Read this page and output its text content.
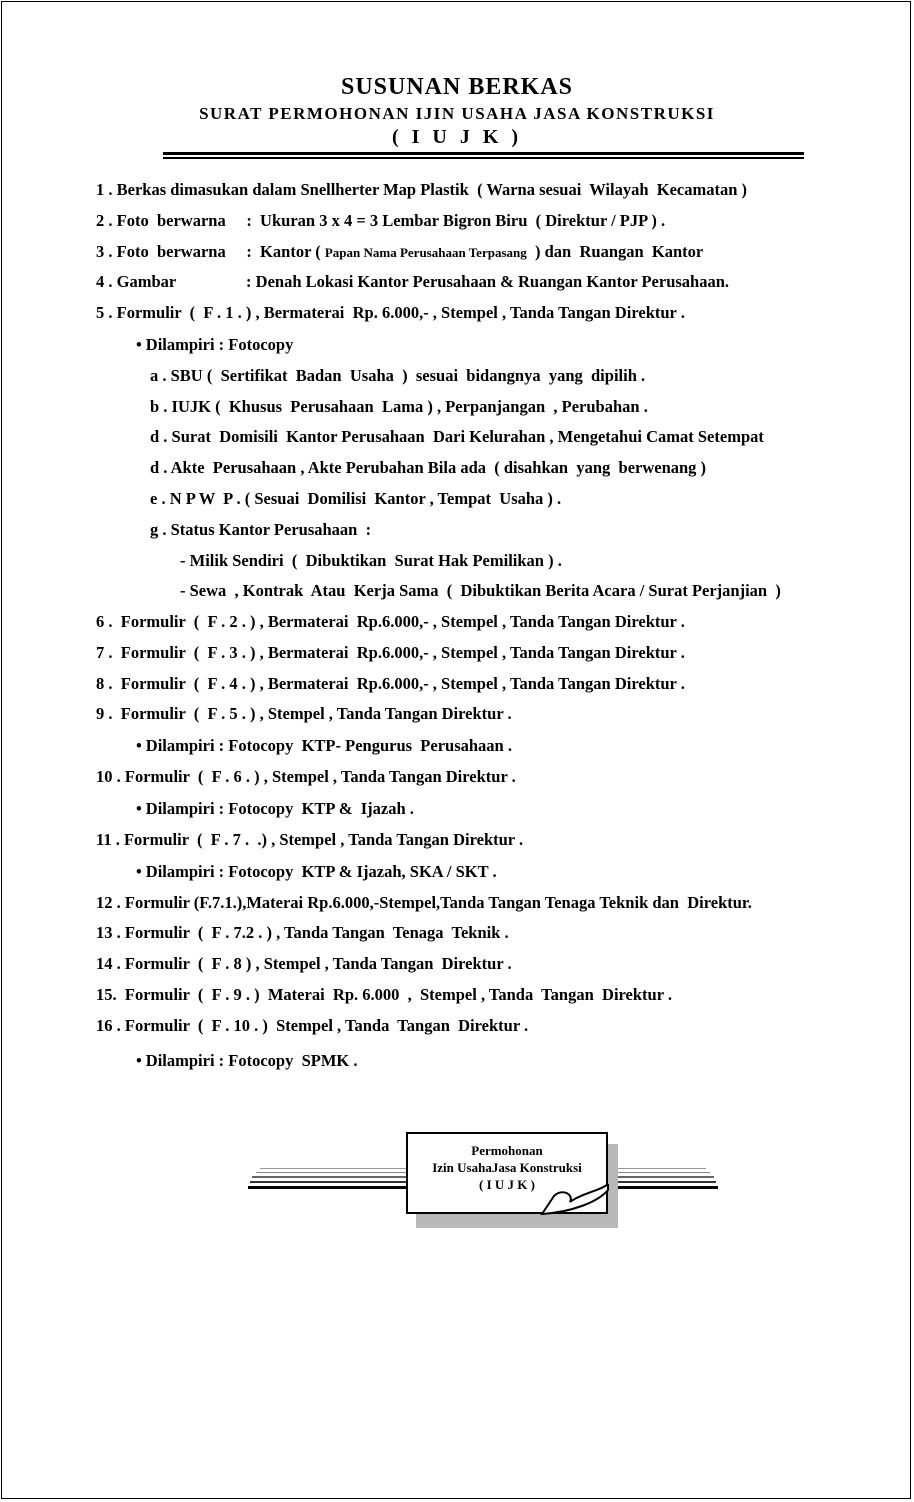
SUSUNAN BERKAS
SURAT PERMOHONAN IJIN USAHA JASA KONSTRUKSI
( I U J K )
1 . Berkas dimasukan dalam Snellherter Map Plastik  ( Warna sesuai  Wilayah  Kecamatan )
2 . Foto  berwarna     :  Ukuran 3 x 4 = 3 Lembar Bigron Biru  ( Direktur / PJP ) .
3 . Foto  berwarna     :  Kantor ( Papan Nama Perusahaan Terpasang  ) dan  Ruangan  Kantor
4 . Gambar                 : Denah Lokasi Kantor Perusahaan & Ruangan Kantor Perusahaan.
5 . Formulir  (  F . 1 . ) , Bermaterai  Rp. 6.000,- , Stempel , Tanda Tangan Direktur .
• Dilampiri : Fotocopy
a . SBU (  Sertifikat  Badan  Usaha  )  sesuai  bidangnya  yang  dipilih .
b . IUJK (  Khusus  Perusahaan  Lama ) , Perpanjangan  , Perubahan .
d . Surat  Domisili  Kantor Perusahaan  Dari Kelurahan , Mengetahui Camat Setempat
d . Akte  Perusahaan , Akte Perubahan Bila ada  ( disahkan  yang  berwenang )
e . N P W  P . ( Sesuai  Domilisi  Kantor , Tempat  Usaha ) .
g . Status Kantor Perusahaan  :
- Milik Sendiri  (  Dibuktikan  Surat Hak Pemilikan ) .
- Sewa  , Kontrak  Atau  Kerja Sama  (  Dibuktikan Berita Acara / Surat Perjanjian  )
6 .  Formulir  (  F . 2 . ) , Bermaterai  Rp.6.000,- , Stempel , Tanda Tangan Direktur .
7 .  Formulir  (  F . 3 . ) , Bermaterai  Rp.6.000,- , Stempel , Tanda Tangan Direktur .
8 .  Formulir  (  F . 4 . ) , Bermaterai  Rp.6.000,- , Stempel , Tanda Tangan Direktur .
9 .  Formulir  (  F . 5 . ) , Stempel , Tanda Tangan Direktur .
• Dilampiri : Fotocopy  KTP- Pengurus  Perusahaan .
10 . Formulir  (  F . 6 . ) , Stempel , Tanda Tangan Direktur .
• Dilampiri : Fotocopy  KTP &  Ijazah .
11 . Formulir  (  F . 7 .  .) , Stempel , Tanda Tangan Direktur .
• Dilampiri : Fotocopy  KTP & Ijazah, SKA / SKT .
12 . Formulir (F.7.1.),Materai Rp.6.000,-Stempel,Tanda Tangan Tenaga Teknik dan  Direktur.
13 . Formulir  (  F . 7.2 . ) , Tanda Tangan  Tenaga  Teknik .
14 . Formulir  (  F . 8 ) , Stempel , Tanda Tangan  Direktur .
15.  Formulir  (  F . 9 . )  Materai  Rp. 6.000  ,  Stempel , Tanda  Tangan  Direktur .
16 . Formulir  (  F . 10 . )  Stempel , Tanda  Tangan  Direktur .
• Dilampiri : Fotocopy  SPMK .
Permohonan
Izin UsahaJasa Konstruksi
( I U J K )
